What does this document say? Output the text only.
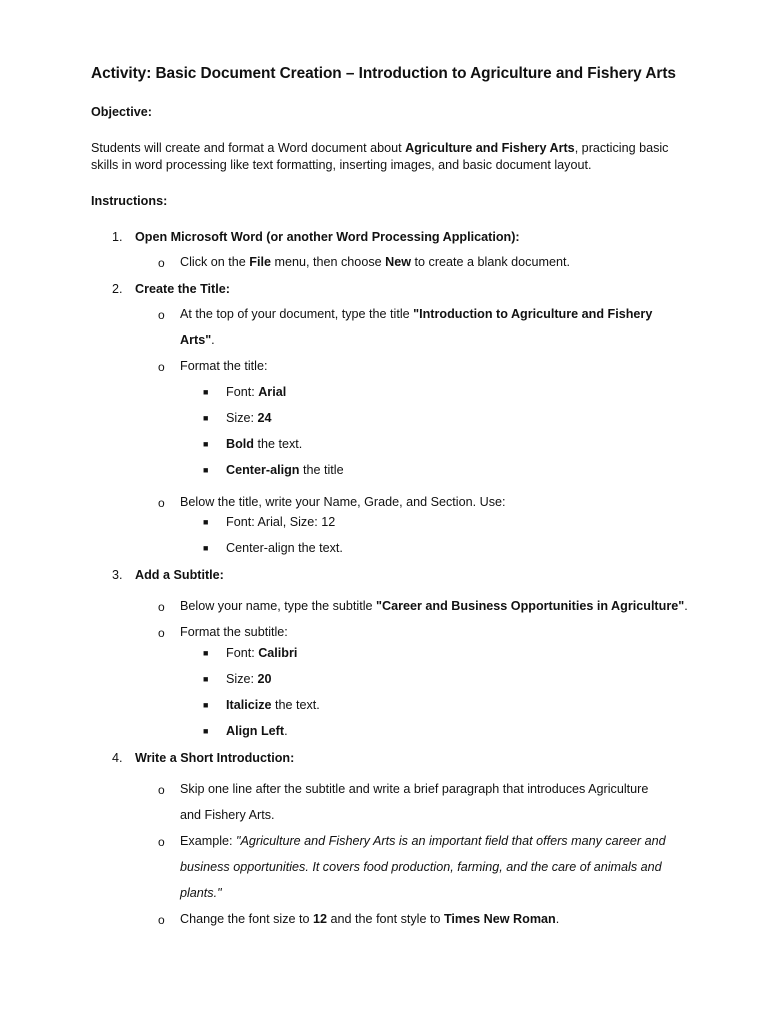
Activity: Basic Document Creation – Introduction to Agriculture and Fishery Arts
Objective:
Students will create and format a Word document about Agriculture and Fishery Arts, practicing basic skills in word processing like text formatting, inserting images, and basic document layout.
Instructions:
1. Open Microsoft Word (or another Word Processing Application):
o Click on the File menu, then choose New to create a blank document.
2. Create the Title:
o At the top of your document, type the title "Introduction to Agriculture and Fishery Arts".
o Format the title:
■ Font: Arial
■ Size: 24
■ Bold the text.
■ Center-align the title
o Below the title, write your Name, Grade, and Section. Use:
■ Font: Arial, Size: 12
■ Center-align the text.
3. Add a Subtitle:
o Below your name, type the subtitle "Career and Business Opportunities in Agriculture".
o Format the subtitle:
■ Font: Calibri
■ Size: 20
■ Italicize the text.
■ Align Left.
4. Write a Short Introduction:
o Skip one line after the subtitle and write a brief paragraph that introduces Agriculture and Fishery Arts.
o Example: "Agriculture and Fishery Arts is an important field that offers many career and business opportunities. It covers food production, farming, and the care of animals and plants."
o Change the font size to 12 and the font style to Times New Roman.
